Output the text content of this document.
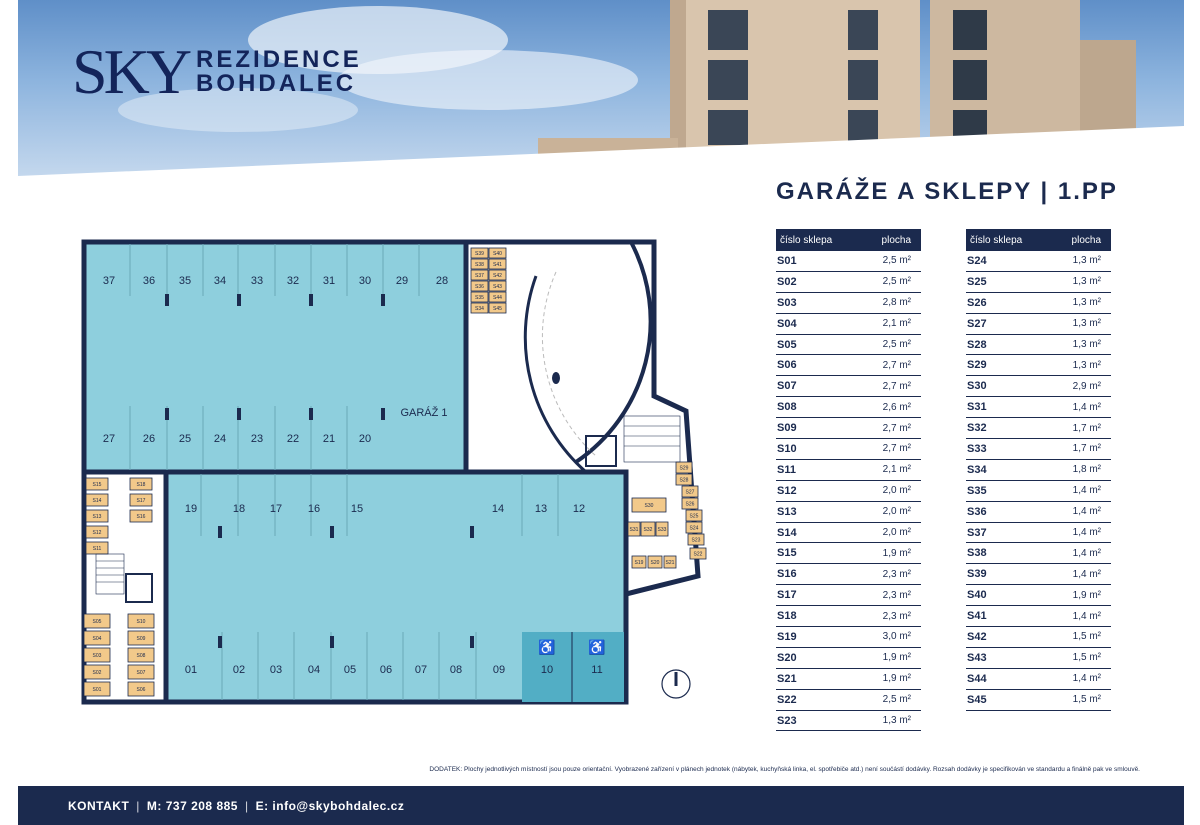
SKY REZIDENCE
BOHDALEC
GARÁŽE A SKLEPY | 1.PP
37	36 35 34 33 32 31 30 29	28
27	26 25 24 23 22 21 20
19	18 17 16	15	14	13 12
01	02 03 04 05 06 07 08	09	10	11
GARÁŽ 1
S39 S40
S38 S41
S37 S42
S36 S43
S35 S44
S34 S45
S15	S18
S14	S17
S13	S16
S12
S11
S05	S10
S04	S09
S03	S08
S02	S07
S01	S06
S29
S28
S27
S26
S25
S24
S23
S22
S30
S31 S32 S33
S19 S20 S21
♿ ♿
číslo sklepa	plocha
S01	2,5 m²
S02	2,5 m²
S03	2,8 m²
S04	2,1 m²
S05	2,5 m²
S06	2,7 m²
S07	2,7 m²
S08	2,6 m²
S09	2,7 m²
S10	2,7 m²
S11	2,1 m²
S12	2,0 m²
S13	2,0 m²
S14	2,0 m²
S15	1,9 m²
S16	2,3 m²
S17	2,3 m²
S18	2,3 m²
S19	3,0 m²
S20	1,9 m²
S21	1,9 m²
S22	2,5 m²
S23	1,3 m²
číslo sklepa	plocha
S24	1,3 m²
S25	1,3 m²
S26	1,3 m²
S27	1,3 m²
S28	1,3 m²
S29	1,3 m²
S30	2,9 m²
S31	1,4 m²
S32	1,7 m²
S33	1,7 m²
S34	1,8 m²
S35	1,4 m²
S36	1,4 m²
S37	1,4 m²
S38	1,4 m²
S39	1,4 m²
S40	1,9 m²
S41	1,4 m²
S42	1,5 m²
S43	1,5 m²
S44	1,4 m²
S45	1,5 m²
DODATEK: Plochy jednotlivých místností jsou pouze orientační. Vyobrazené zařízení v plánech jednotek (nábytek, kuchyňská linka, el. spotřebiče atd.) není součástí dodávky. Rozsah dodávky je specifikován ve standardu a finálně pak ve smlouvě.
KONTAKT | M: 737 208 885 | E: info@skybohdalec.cz
